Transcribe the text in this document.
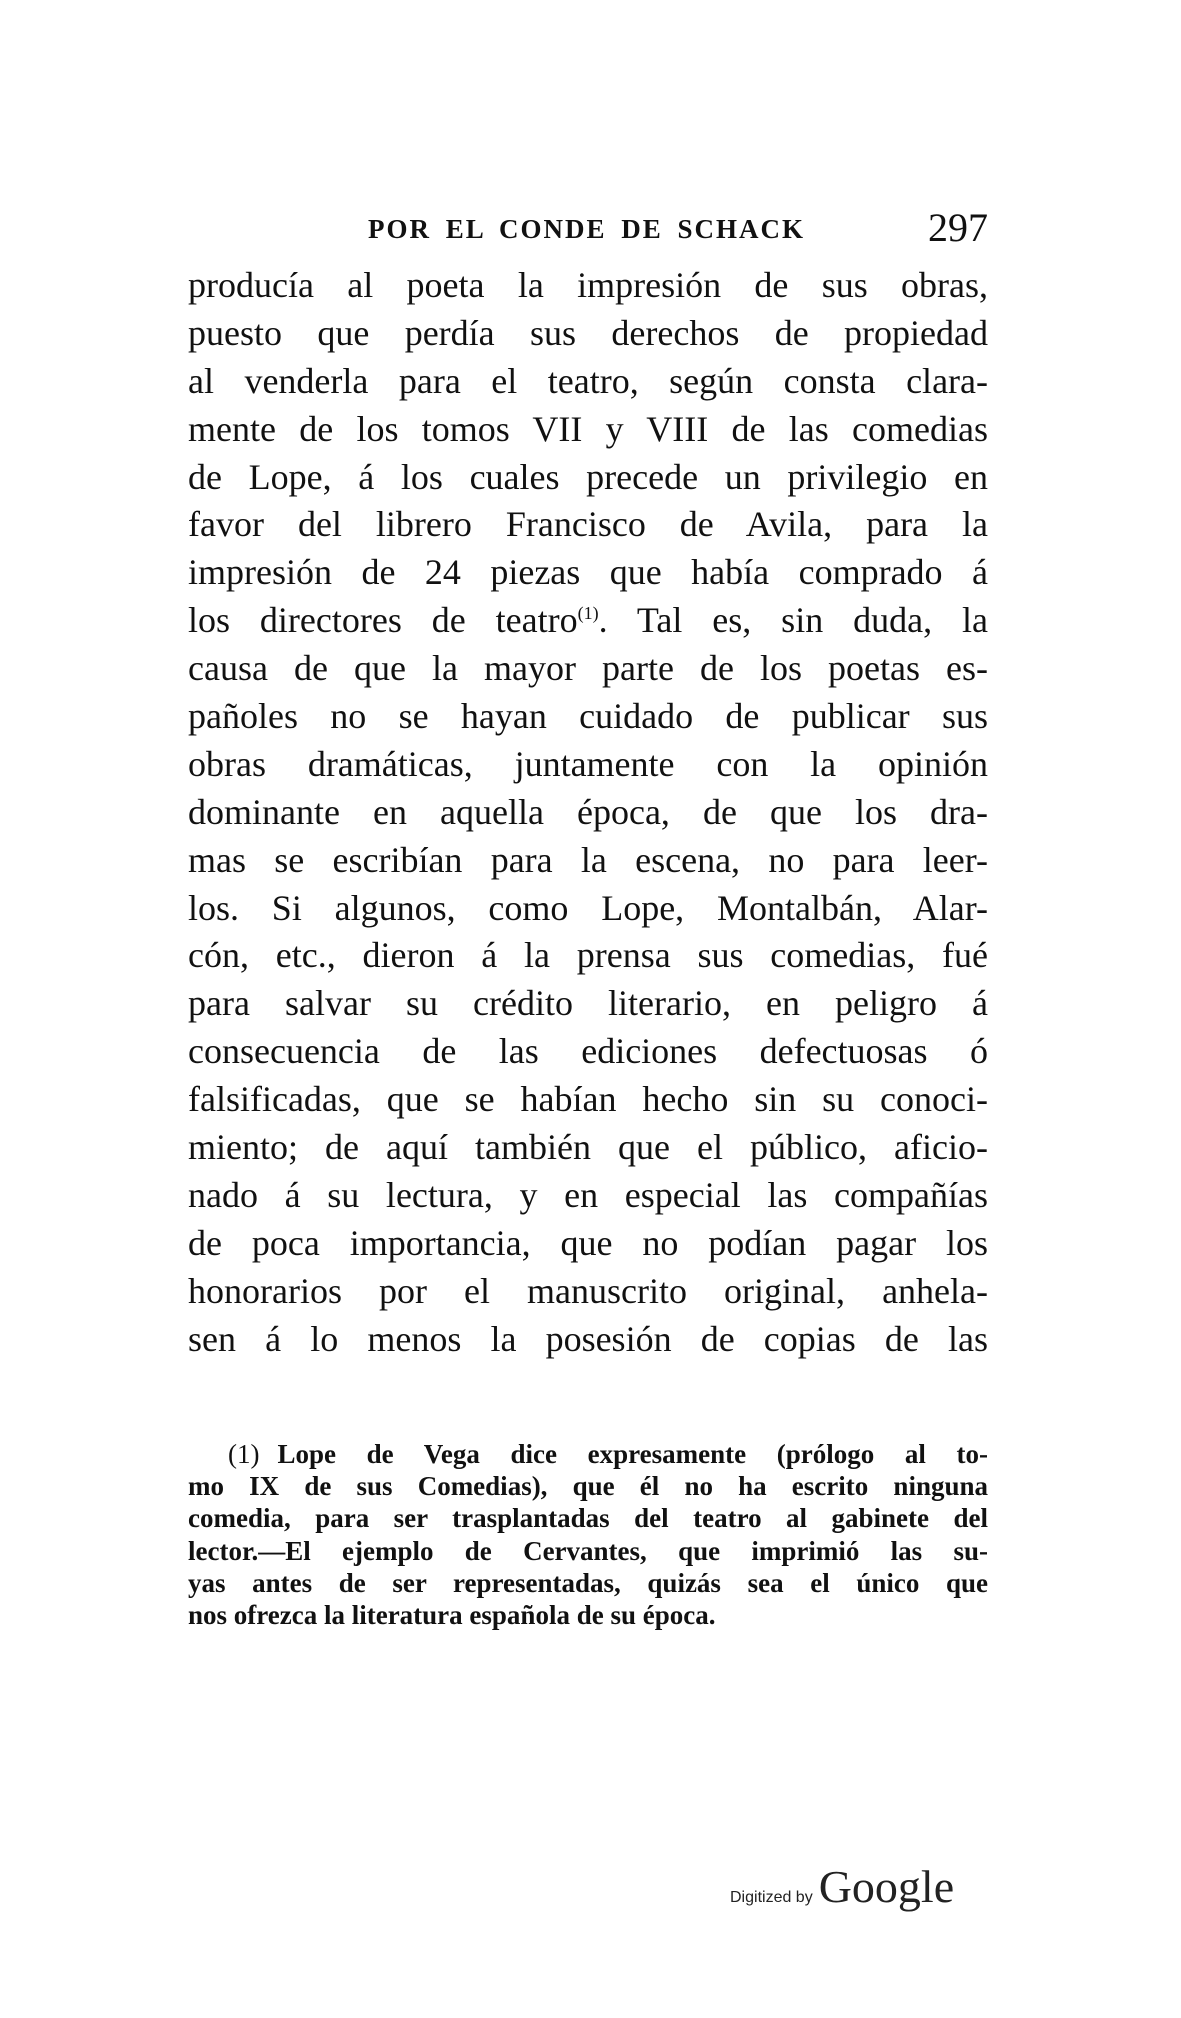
POR EL CONDE DE SCHACK	297
producía al poeta la impresión de sus obras,
puesto que perdía sus derechos de propiedad
al venderla para el teatro, según consta clara-
mente de los tomos VII y VIII de las comedias
de Lope, á los cuales precede un privilegio en
favor del librero Francisco de Avila, para la
impresión de 24 piezas que había comprado á
los directores de teatro$^{(1)}$. Tal es, sin duda, la
causa de que la mayor parte de los poetas es-
pañoles no se hayan cuidado de publicar sus
obras dramáticas, juntamente con la opinión
dominante en aquella época, de que los dra-
mas se escribían para la escena, no para leer-
los. Si algunos, como Lope, Montalbán, Alar-
cón, etc., dieron á la prensa sus comedias, fué
para salvar su crédito literario, en peligro á
consecuencia de las ediciones defectuosas ó
falsificadas, que se habían hecho sin su conoci-
miento; de aquí también que el público, aficio-
nado á su lectura, y en especial las compañías
de poca importancia, que no podían pagar los
honorarios por el manuscrito original, anhela-
sen á lo menos la posesión de copias de las
(1) Lope de Vega dice expresamente (prólogo al to-
mo IX de sus Comedias), que él no ha escrito ninguna
comedia, para ser trasplantadas del teatro al gabinete del
lector.—El ejemplo de Cervantes, que imprimió las su-
yas antes de ser representadas, quizás sea el único que
nos ofrezca la literatura española de su época.
Digitized by Google
